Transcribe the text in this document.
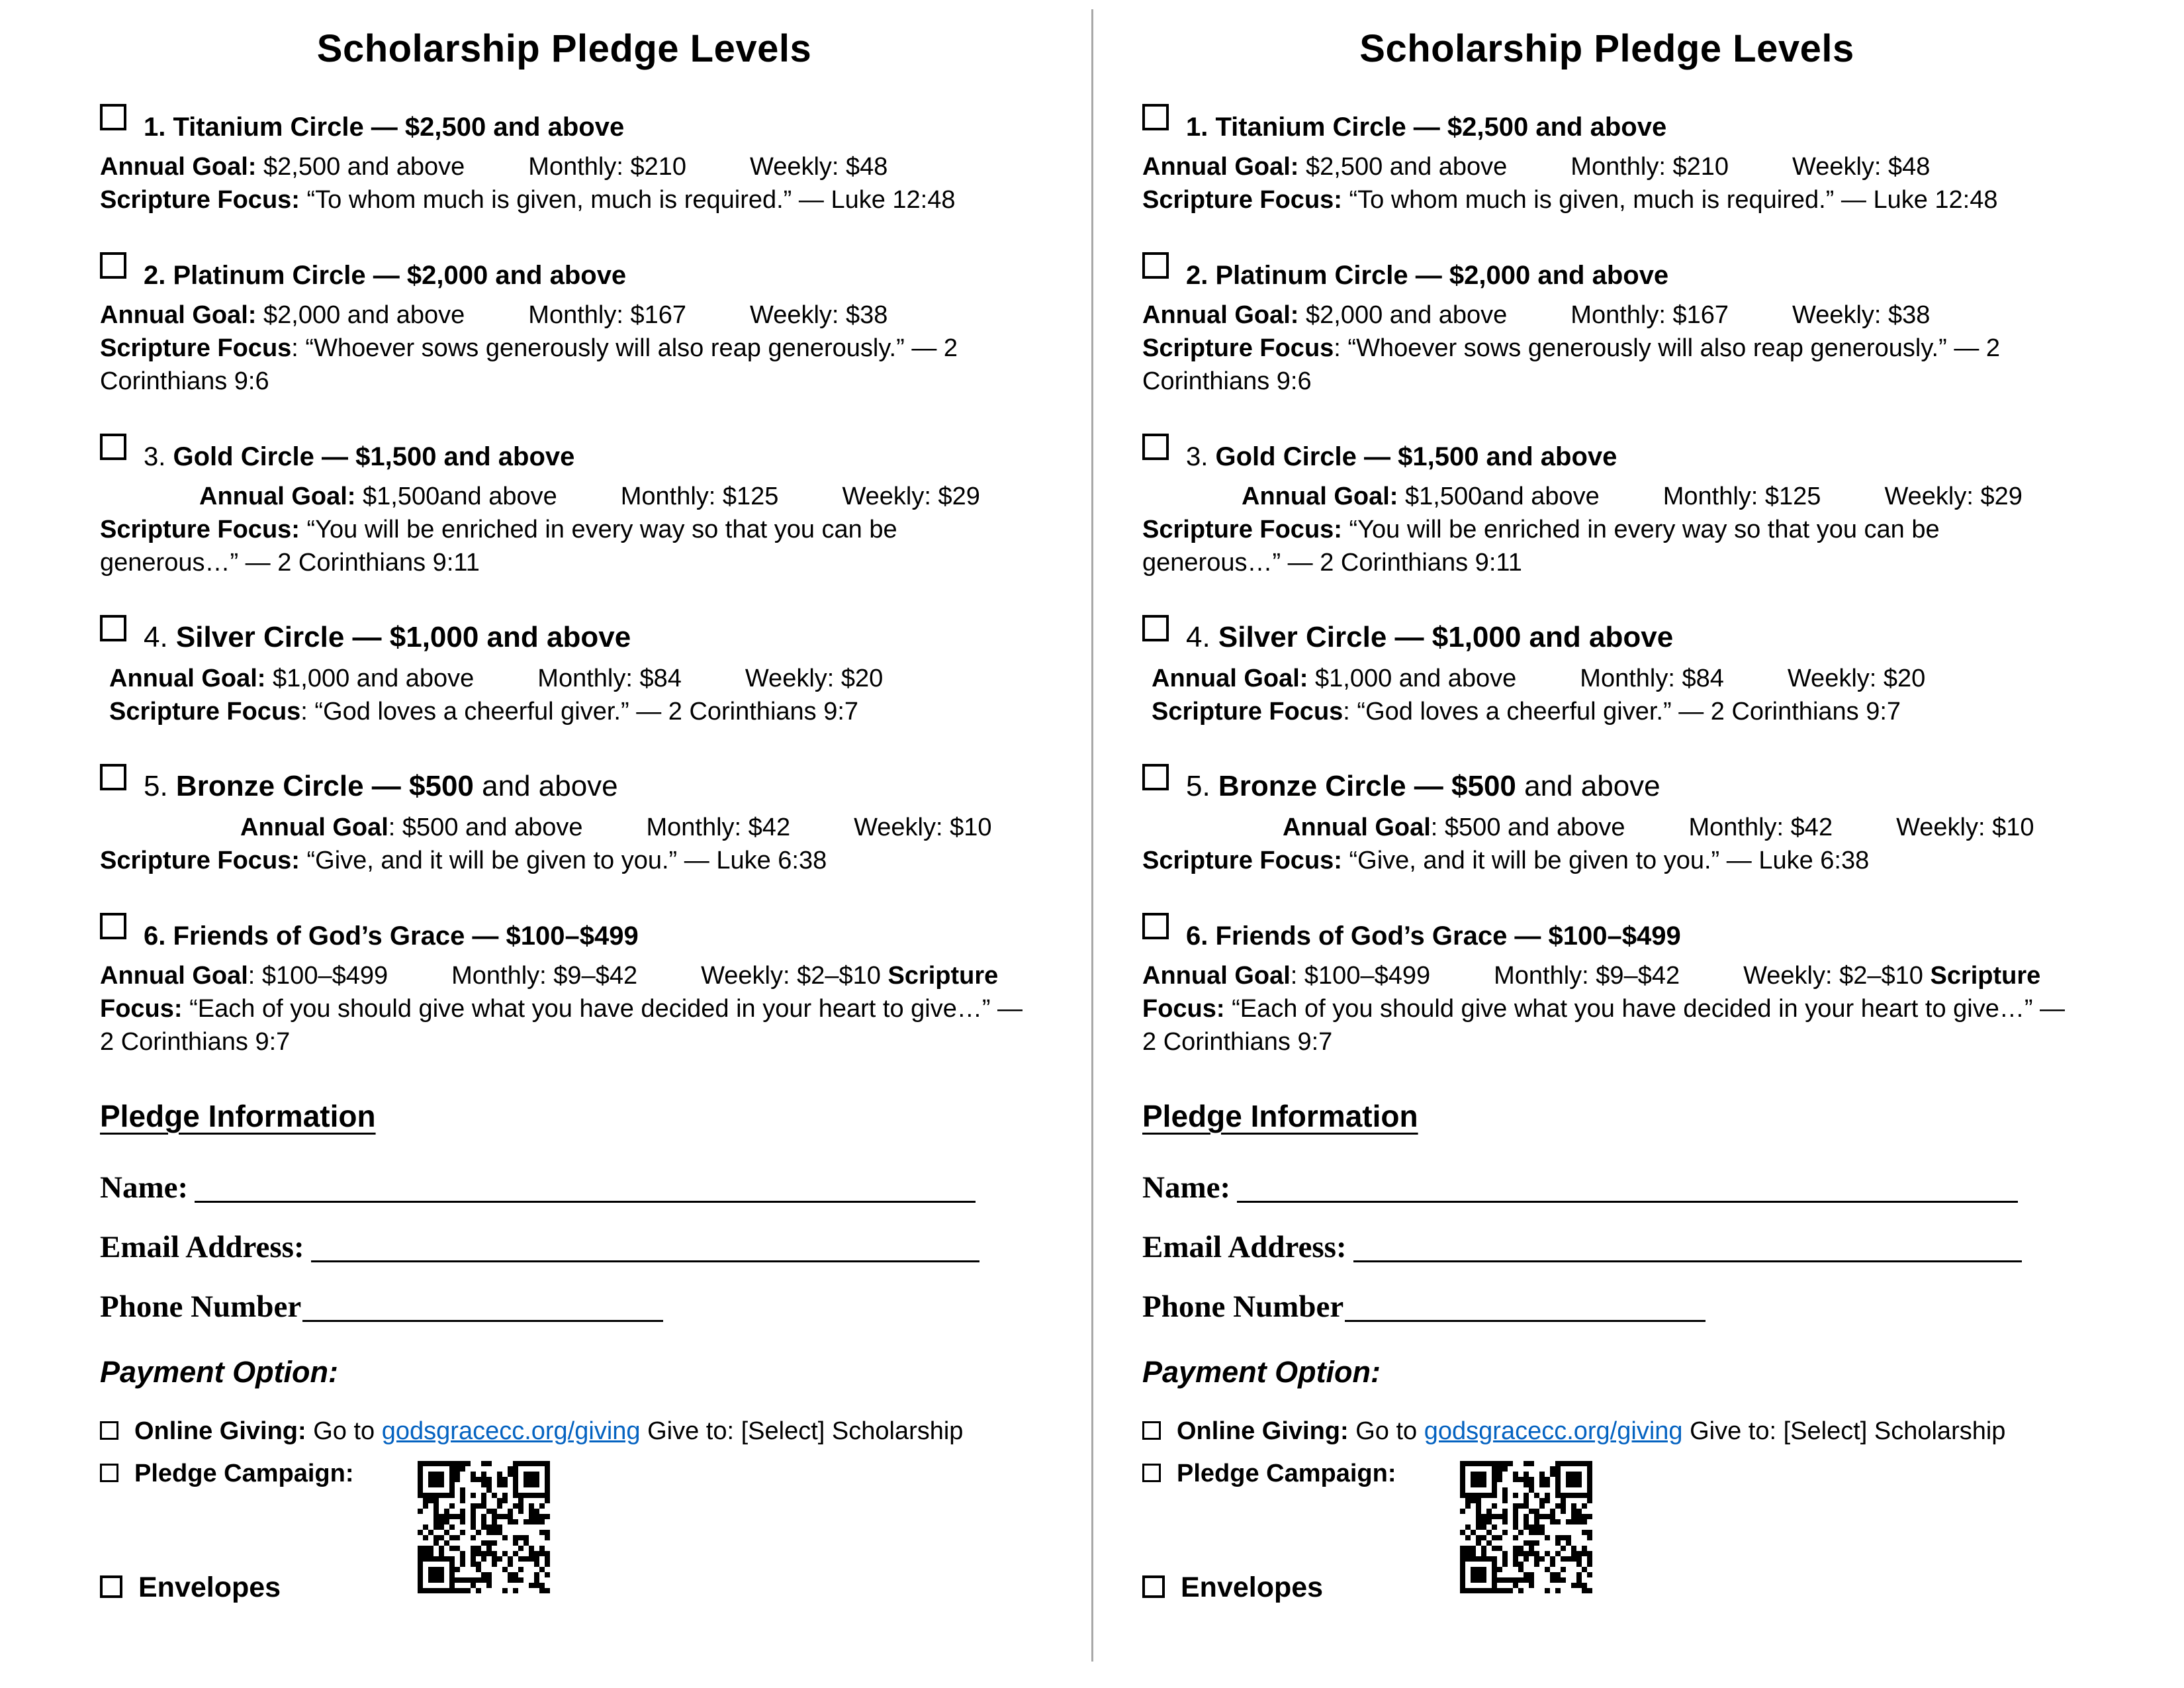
Scholarship Pledge Levels

1. Titanium Circle — $2,500 and above

Annual Goal: $2,500 and above	Monthly: $210	Weekly: $48

Scripture Focus: “To whom much is given, much is required.” — Luke 12:48

2. Platinum Circle — $2,000 and above

Annual Goal: $2,000 and above	Monthly: $167	Weekly: $38

Scripture Focus: “Whoever sows generously will also reap generously.” — 2 Corinthians 9:6

3. Gold Circle — $1,500 and above

Annual Goal: $1,500and above	Monthly: $125	Weekly: $29

Scripture Focus: “You will be enriched in every way so that you can be generous…” — 2 Corinthians 9:11

4. Silver Circle — $1,000 and above

Annual Goal: $1,000 and above	Monthly: $84	Weekly: $20

Scripture Focus: “God loves a cheerful giver.” — 2 Corinthians 9:7

5. Bronze Circle — $500 and above

Annual Goal: $500 and above	Monthly: $42	Weekly: $10

Scripture Focus: “Give, and it will be given to you.” — Luke 6:38

6. Friends of God’s Grace — $100–$499

Annual Goal: $100–$499	Monthly: $9–$42	Weekly: $2–$10 Scripture Focus: “Each of you should give what you have decided in your heart to give…” — 2 Corinthians 9:7

Pledge Information

Name:

Email Address:

Phone Number

Payment Option:

Online Giving: Go to godsgracecc.org/giving Give to: [Select] Scholarship

Pledge Campaign:

Envelopes

Scholarship Pledge Levels

1. Titanium Circle — $2,500 and above

Annual Goal: $2,500 and above	Monthly: $210	Weekly: $48

Scripture Focus: “To whom much is given, much is required.” — Luke 12:48

2. Platinum Circle — $2,000 and above

Annual Goal: $2,000 and above	Monthly: $167	Weekly: $38

Scripture Focus: “Whoever sows generously will also reap generously.” — 2 Corinthians 9:6

3. Gold Circle — $1,500 and above

Annual Goal: $1,500and above	Monthly: $125	Weekly: $29

Scripture Focus: “You will be enriched in every way so that you can be generous…” — 2 Corinthians 9:11

4. Silver Circle — $1,000 and above

Annual Goal: $1,000 and above	Monthly: $84	Weekly: $20

Scripture Focus: “God loves a cheerful giver.” — 2 Corinthians 9:7

5. Bronze Circle — $500 and above

Annual Goal: $500 and above	Monthly: $42	Weekly: $10

Scripture Focus: “Give, and it will be given to you.” — Luke 6:38

6. Friends of God’s Grace — $100–$499

Annual Goal: $100–$499	Monthly: $9–$42	Weekly: $2–$10 Scripture Focus: “Each of you should give what you have decided in your heart to give…” — 2 Corinthians 9:7

Pledge Information

Name:

Email Address:

Phone Number

Payment Option:

Online Giving: Go to godsgracecc.org/giving Give to: [Select] Scholarship

Pledge Campaign:

Envelopes
